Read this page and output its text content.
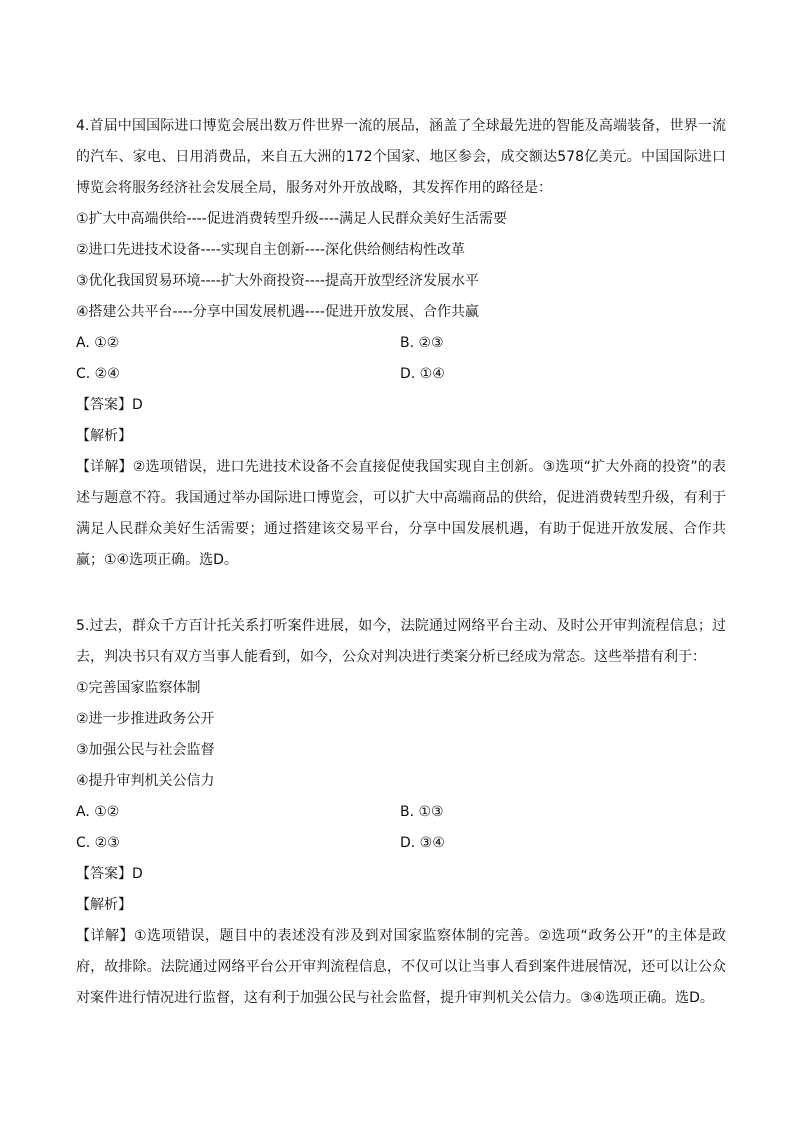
4.首届中国国际进口博览会展出数万件世界一流的展品，涵盖了全球最先进的智能及高端装备，世界一流的汽车、家电、日用消费品，来自五大洲的172个国家、地区参会，成交额达578亿美元。中国国际进口博览会将服务经济社会发展全局，服务对外开放战略，其发挥作用的路径是：

①扩大中高端供给----促进消费转型升级----满足人民群众美好生活需要

②进口先进技术设备----实现自主创新----深化供给侧结构性改革

③优化我国贸易环境----扩大外商投资----提高开放型经济发展水平

④搭建公共平台----分享中国发展机遇----促进开放发展、合作共赢

A. ①②	B. ②③
C. ②④	D. ①④

【答案】D

【解析】

【详解】②选项错误，进口先进技术设备不会直接促使我国实现自主创新。③选项“扩大外商的投资”的表述与题意不符。我国通过举办国际进口博览会，可以扩大中高端商品的供给，促进消费转型升级，有利于满足人民群众美好生活需要；通过搭建该交易平台，分享中国发展机遇，有助于促进开放发展、合作共赢；①④选项正确。选D。

5.过去，群众千方百计托关系打听案件进展，如今，法院通过网络平台主动、及时公开审判流程信息；过去，判决书只有双方当事人能看到，如今，公众对判决进行类案分析已经成为常态。这些举措有利于：

①完善国家监察体制

②进一步推进政务公开

③加强公民与社会监督

④提升审判机关公信力

A. ①②	B. ①③
C. ②③	D. ③④

【答案】D

【解析】

【详解】①选项错误，题目中的表述没有涉及到对国家监察体制的完善。②选项“政务公开”的主体是政府，故排除。法院通过网络平台公开审判流程信息，不仅可以让当事人看到案件进展情况，还可以让公众对案件进行情况进行监督，这有利于加强公民与社会监督，提升审判机关公信力。③④选项正确。选D。
